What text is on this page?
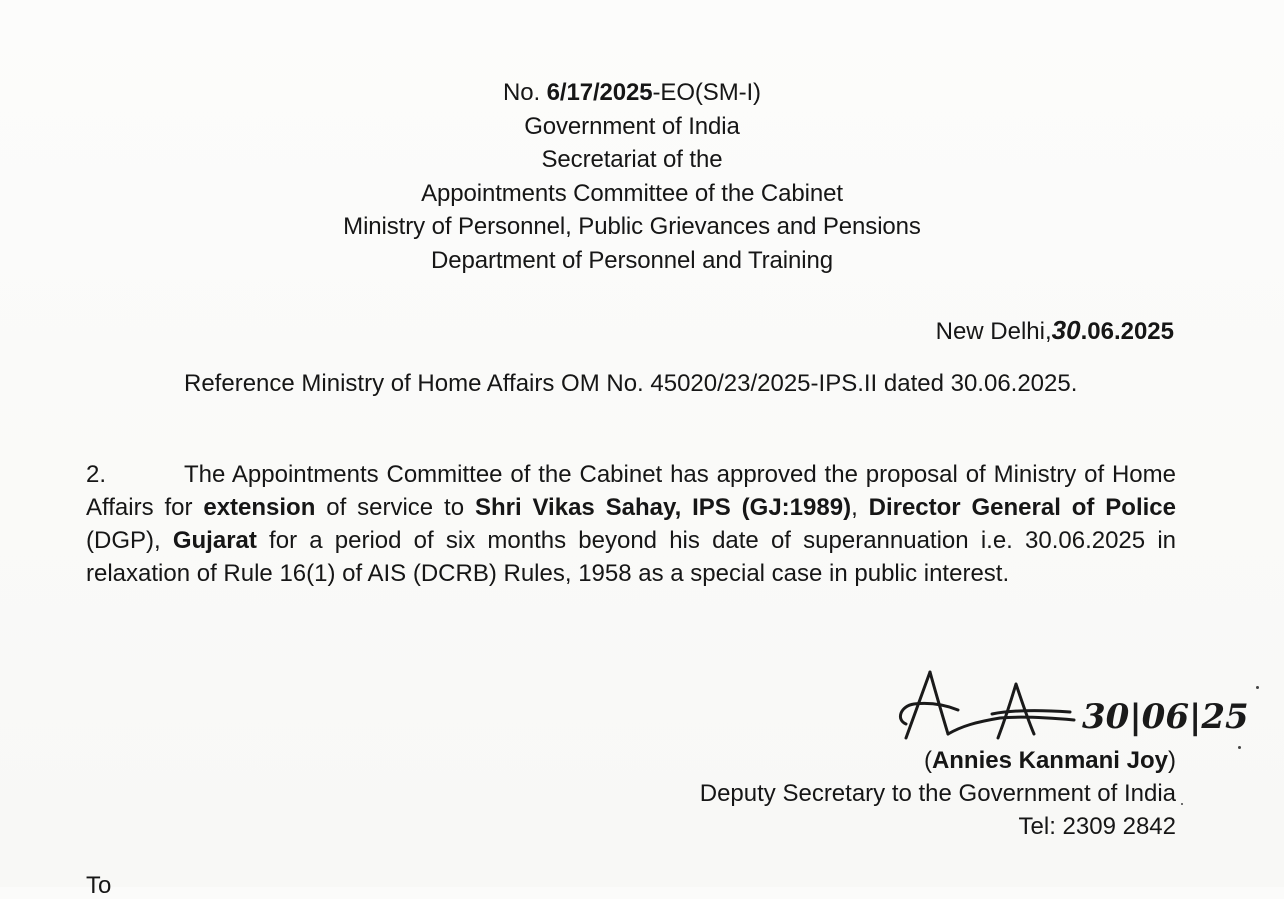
No. 6/17/2025-EO(SM-I)
Government of India
Secretariat of the
Appointments Committee of the Cabinet
Ministry of Personnel, Public Grievances and Pensions
Department of Personnel and Training
New Delhi,30.06.2025
Reference Ministry of Home Affairs OM No. 45020/23/2025-IPS.II dated 30.06.2025.
2.	The Appointments Committee of the Cabinet has approved the proposal of Ministry of Home Affairs for extension of service to Shri Vikas Sahay, IPS (GJ:1989), Director General of Police (DGP), Gujarat for a period of six months beyond his date of superannuation i.e. 30.06.2025 in relaxation of Rule 16(1) of AIS (DCRB) Rules, 1958 as a special case in public interest.
30|06|25
(Annies Kanmani Joy)
Deputy Secretary to the Government of India
Tel: 2309 2842
To
